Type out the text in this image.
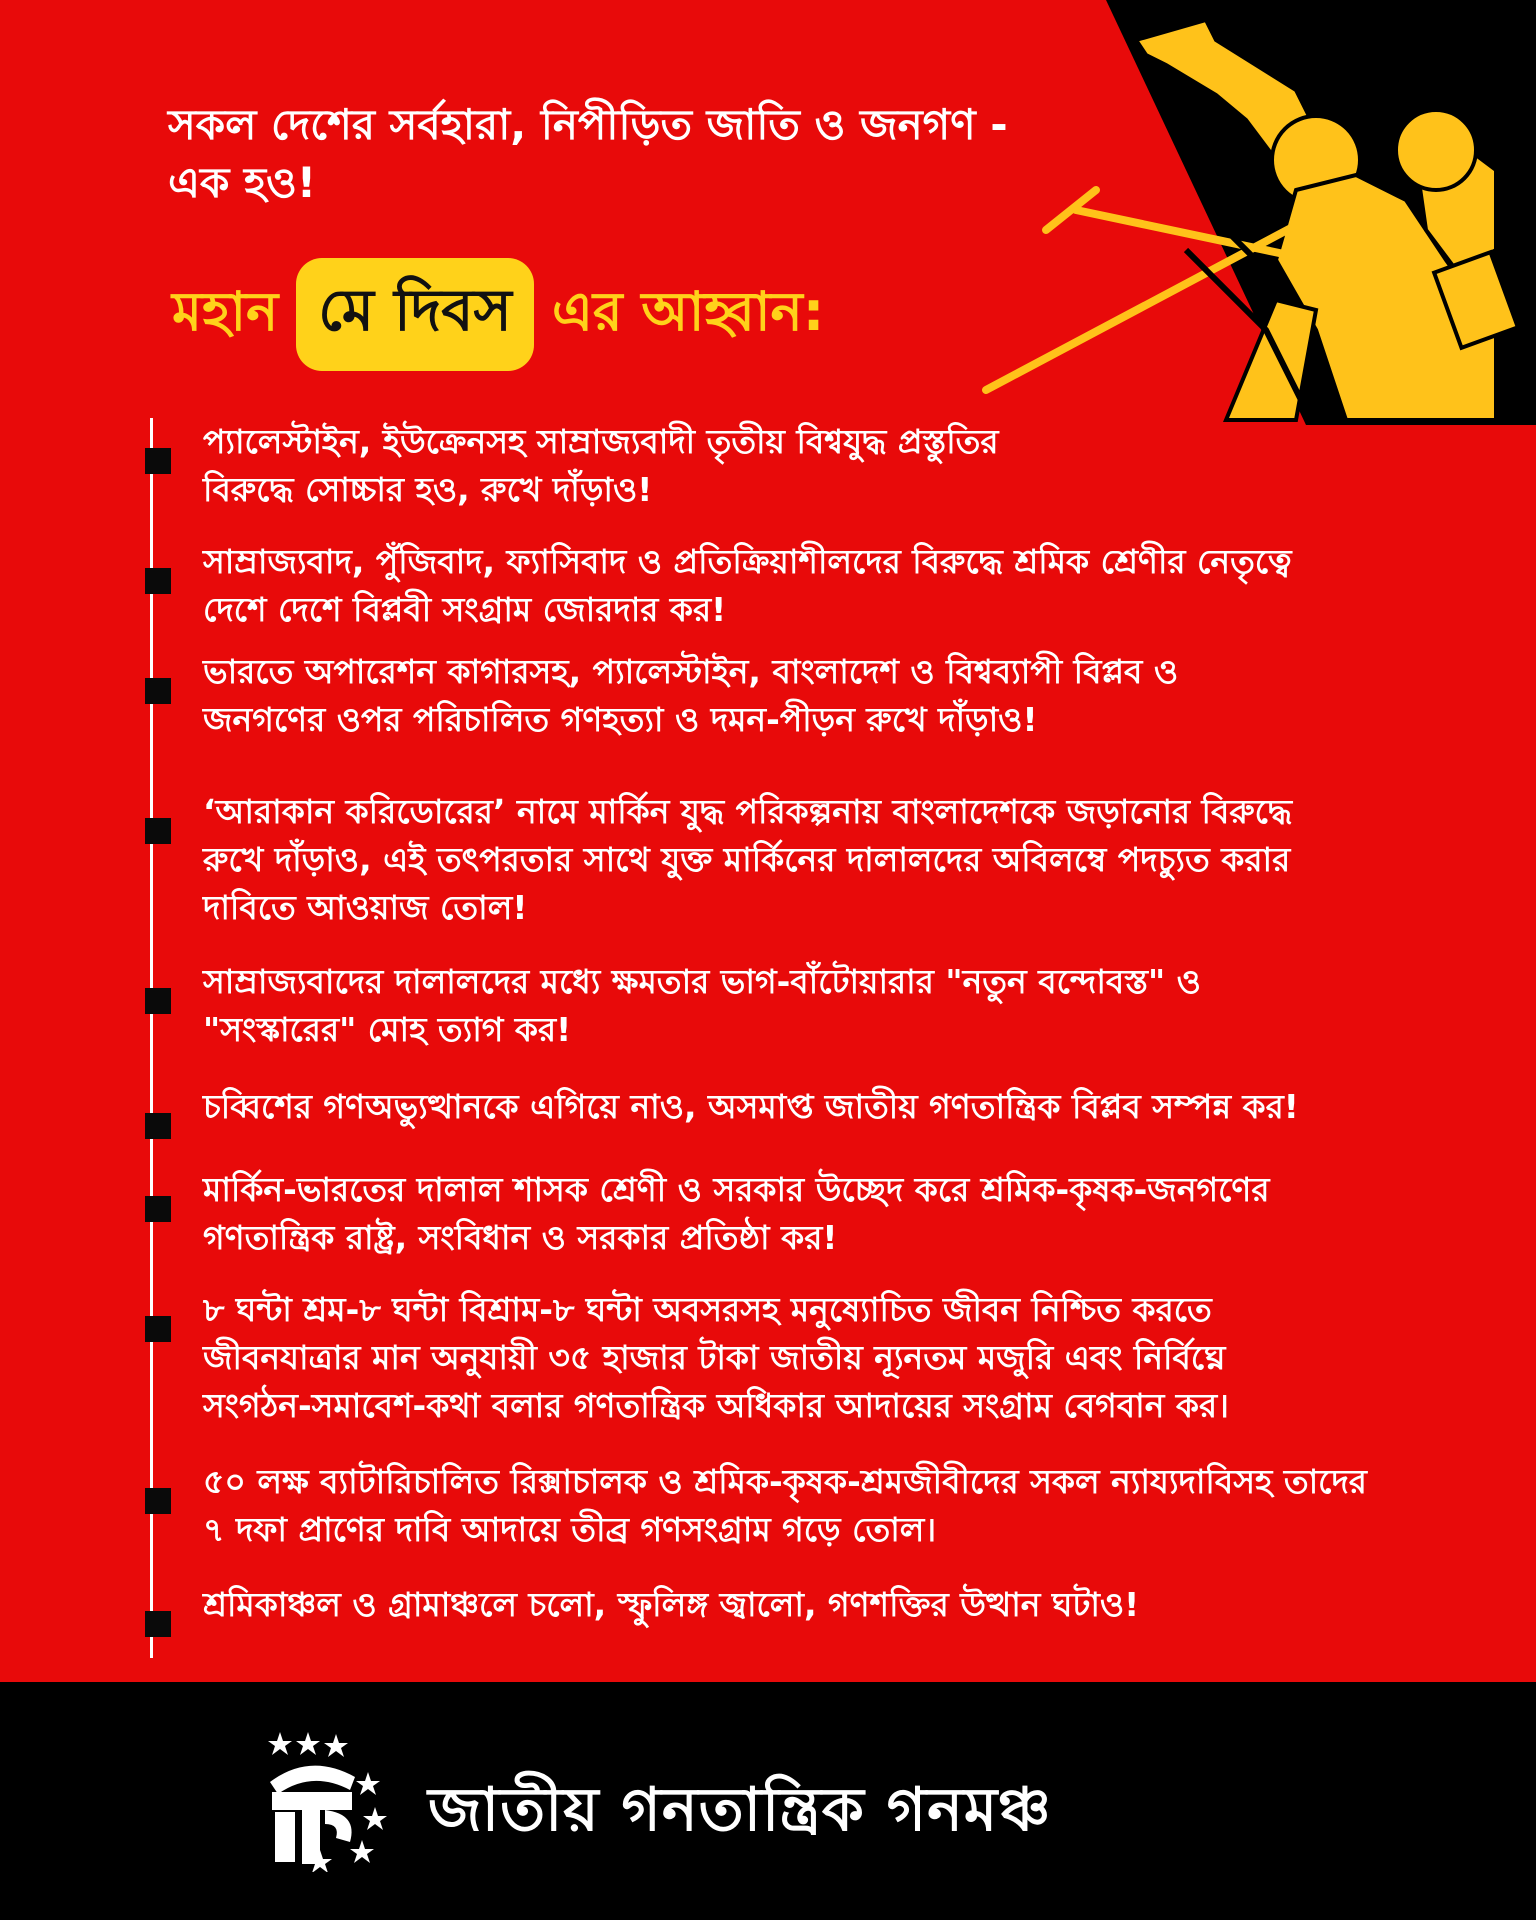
সকল দেশের সর্বহারা, নিপীড়িত জাতি ও জনগণ - এক হও!
মহান মে দিবস এর আহ্বান:
প্যালেস্টাইন, ইউক্রেনসহ সাম্রাজ্যবাদী তৃতীয় বিশ্বযুদ্ধ প্রস্তুতির বিরুদ্ধে সোচ্চার হও, রুখে দাঁড়াও!
সাম্রাজ্যবাদ, পুঁজিবাদ, ফ্যাসিবাদ ও প্রতিক্রিয়াশীলদের বিরুদ্ধে শ্রমিক শ্রেণীর নেতৃত্বে দেশে দেশে বিপ্লবী সংগ্রাম জোরদার কর!
ভারতে অপারেশন কাগারসহ, প্যালেস্টাইন, বাংলাদেশ ও বিশ্বব্যাপী বিপ্লব ও জনগণের ওপর পরিচালিত গণহত্যা ও দমন-পীড়ন রুখে দাঁড়াও!
‘আরাকান করিডোরের’ নামে মার্কিন যুদ্ধ পরিকল্পনায় বাংলাদেশকে জড়ানোর বিরুদ্ধে রুখে দাঁড়াও, এই তৎপরতার সাথে যুক্ত মার্কিনের দালালদের অবিলম্বে পদচ্যুত করার দাবিতে আওয়াজ তোল!
সাম্রাজ্যবাদের দালালদের মধ্যে ক্ষমতার ভাগ-বাঁটোয়ারার "নতুন বন্দোবস্ত" ও "সংস্কারের" মোহ ত্যাগ কর!
চব্বিশের গণঅভ্যুত্থানকে এগিয়ে নাও, অসমাপ্ত জাতীয় গণতান্ত্রিক বিপ্লব সম্পন্ন কর!
মার্কিন-ভারতের দালাল শাসক শ্রেণী ও সরকার উচ্ছেদ করে শ্রমিক-কৃষক-জনগণের গণতান্ত্রিক রাষ্ট্র, সংবিধান ও সরকার প্রতিষ্ঠা কর!
৮ ঘন্টা শ্রম-৮ ঘন্টা বিশ্রাম-৮ ঘন্টা অবসরসহ মনুষ্যোচিত জীবন নিশ্চিত করতে জীবনযাত্রার মান অনুযায়ী ৩৫ হাজার টাকা জাতীয় ন্যূনতম মজুরি এবং নির্বিঘ্নে সংগঠন-সমাবেশ-কথা বলার গণতান্ত্রিক অধিকার আদায়ের সংগ্রাম বেগবান কর।
৫০ লক্ষ ব্যাটারিচালিত রিক্সাচালক ও শ্রমিক-কৃষক-শ্রমজীবীদের সকল ন্যায্যদাবিসহ তাদের ৭ দফা প্রাণের দাবি আদায়ে তীব্র গণসংগ্রাম গড়ে তোল।
শ্রমিকাঞ্চল ও গ্রামাঞ্চলে চলো, স্ফুলিঙ্গ জ্বালো, গণশক্তির উত্থান ঘটাও!
জাতীয় গনতান্ত্রিক গনমঞ্চ
